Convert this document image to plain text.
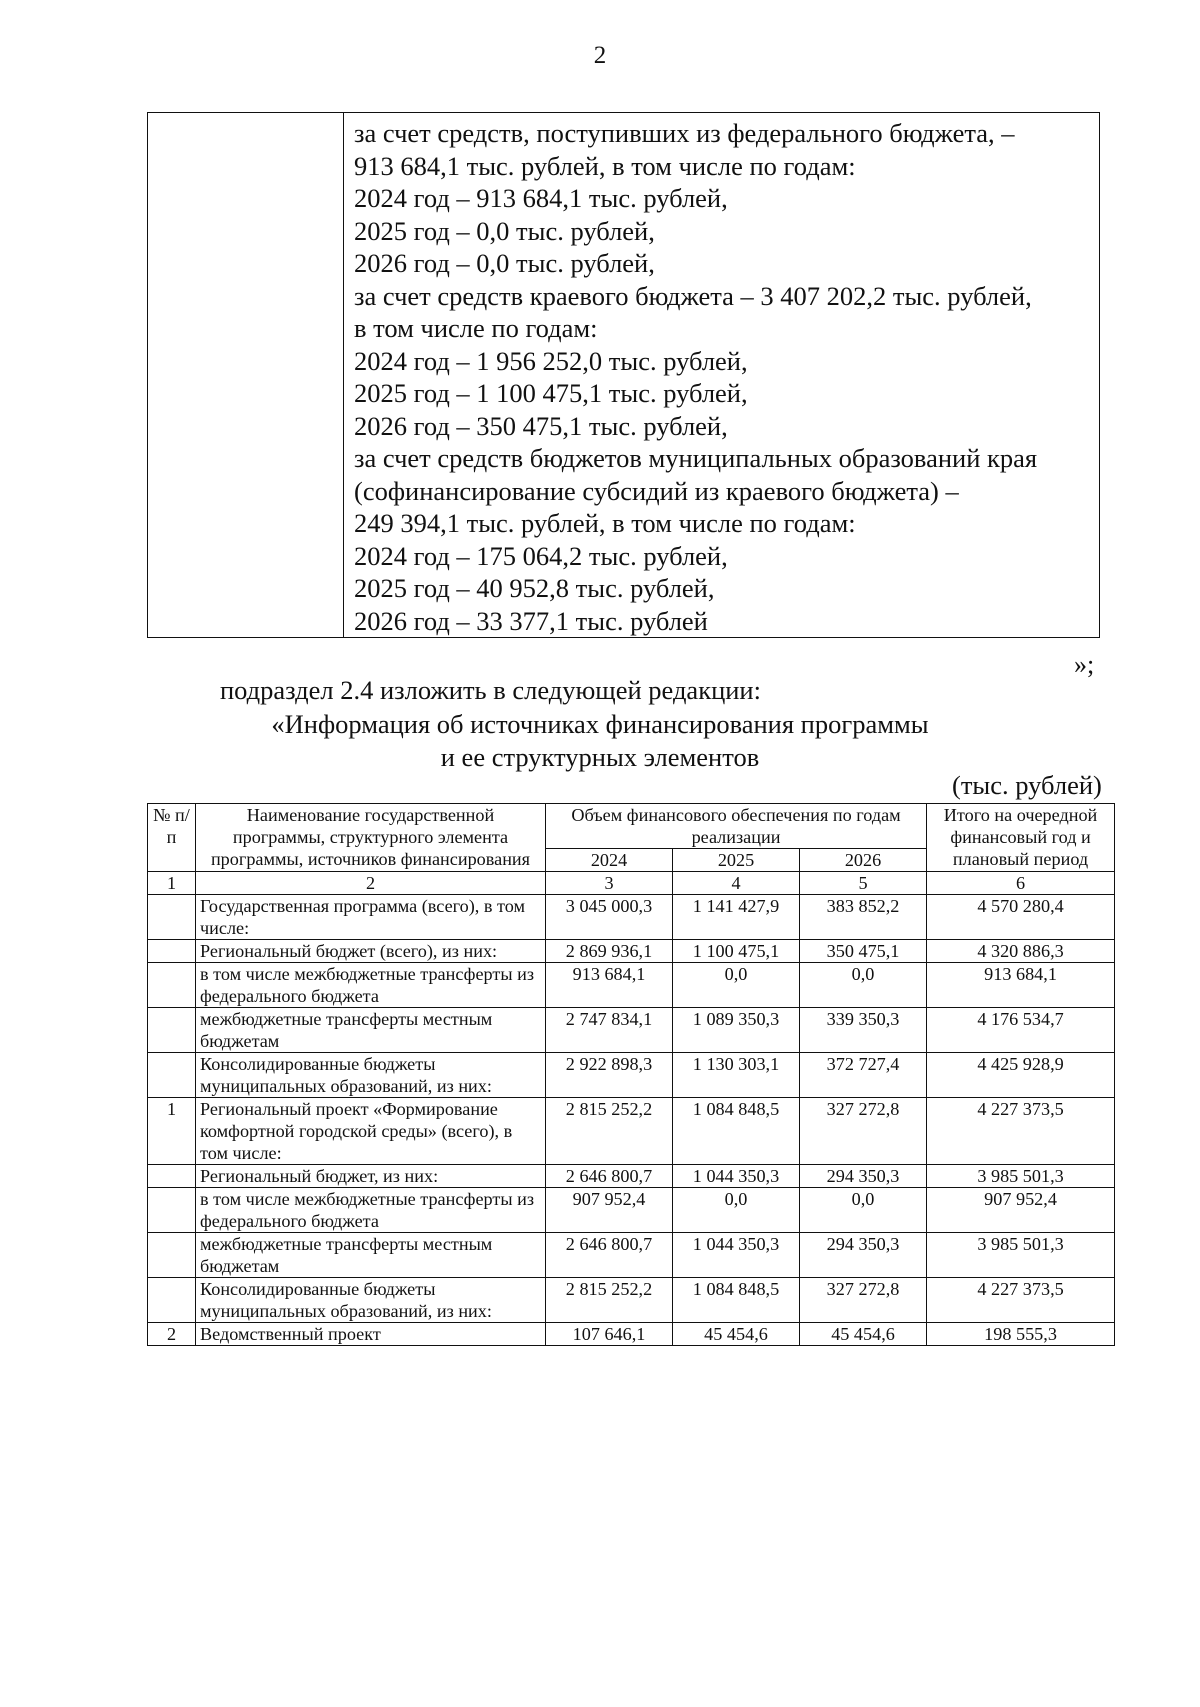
2

за счет средств, поступивших из федерального бюджета, –
913 684,1 тыс. рублей, в том числе по годам:
2024 год – 913 684,1 тыс. рублей,
2025 год – 0,0 тыс. рублей,
2026 год – 0,0 тыс. рублей,
за счет средств краевого бюджета – 3 407 202,2 тыс. рублей,
в том числе по годам:
2024 год – 1 956 252,0 тыс. рублей,
2025 год – 1 100 475,1 тыс. рублей,
2026 год – 350 475,1 тыс. рублей,
за счет средств бюджетов муниципальных образований края
(софинансирование субсидий из краевого бюджета) –
249 394,1 тыс. рублей, в том числе по годам:
2024 год – 175 064,2 тыс. рублей,
2025 год – 40 952,8 тыс. рублей,
2026 год – 33 377,1 тыс. рублей
»;
подраздел 2.4 изложить в следующей редакции:
«Информация об источниках финансирования программы
и ее структурных элементов
(тыс. рублей)
№ п/п	Наименование государственной программы, структурного элемента программы, источников финансирования	Объем финансового обеспечения по годам реализации			Итого на очередной финансовый год и плановый период
		2024	2025	2026	
1	2	3	4	5	6
	Государственная программа (всего), в том числе:	3 045 000,3	1 141 427,9	383 852,2	4 570 280,4
	Региональный бюджет (всего), из них:	2 869 936,1	1 100 475,1	350 475,1	4 320 886,3
	в том числе межбюджетные трансферты из федерального бюджета	913 684,1	0,0	0,0	913 684,1
	межбюджетные трансферты местным бюджетам	2 747 834,1	1 089 350,3	339 350,3	4 176 534,7
	Консолидированные бюджеты муниципальных образований, из них:	2 922 898,3	1 130 303,1	372 727,4	4 425 928,9
1	Региональный проект «Формирование комфортной городской среды» (всего), в том числе:	2 815 252,2	1 084 848,5	327 272,8	4 227 373,5
	Региональный бюджет, из них:	2 646 800,7	1 044 350,3	294 350,3	3 985 501,3
	в том числе межбюджетные трансферты из федерального бюджета	907 952,4	0,0	0,0	907 952,4
	межбюджетные трансферты местным бюджетам	2 646 800,7	1 044 350,3	294 350,3	3 985 501,3
	Консолидированные бюджеты муниципальных образований, из них:	2 815 252,2	1 084 848,5	327 272,8	4 227 373,5
2	Ведомственный проект	107 646,1	45 454,6	45 454,6	198 555,3
